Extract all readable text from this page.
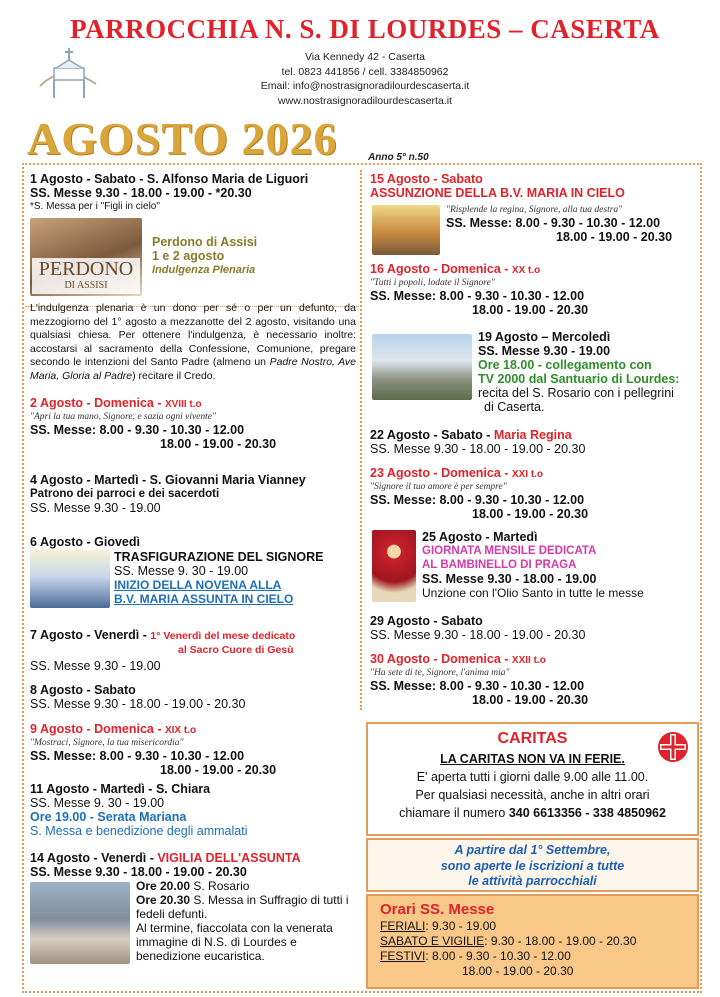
PARROCCHIA N. S. DI LOURDES – CASERTA
Via Kennedy 42 - Caserta
tel. 0823 441856 / cell. 3384850962
Email: info@nostrasignoradilourdescaserta.it
www.nostrasignoradilourdescaserta.it
AGOSTO 2026	Anno 5° n.50
1 Agosto - Sabato - S. Alfonso Maria de Liguori
SS. Messe 9.30 - 18.00 - 19.00 - *20.30
*S. Messa per i "Figli in cielo"
PERDONO
DI ASSISI
Perdono di Assisi
1 e 2 agosto
Indulgenza Plenaria
L'indulgenza plenaria è un dono per sé o per un defunto, da mezzogiorno del 1° agosto a mezzanotte del 2 agosto, visitando una qualsiasi chiesa. Per ottenere l'indulgenza, è necessario inoltre: accostarsi al sacramento della Confessione, Comunione, pregare secondo le intenzioni del Santo Padre (almeno un Padre Nostro, Ave Maria, Gloria al Padre) recitare il Credo.
2 Agosto - Domenica - XVIII t.o
"Apri la tua mano, Signore, e sazia ogni vivente"
SS. Messe: 8.00 - 9.30 - 10.30 - 12.00
18.00 - 19.00 - 20.30
4 Agosto - Martedì - S. Giovanni Maria Vianney
Patrono dei parroci e dei sacerdoti
SS. Messe 9.30 - 19.00
6 Agosto - Giovedì
TRASFIGURAZIONE DEL SIGNORE
SS. Messe 9. 30 - 19.00
INIZIO DELLA NOVENA ALLA
B.V. MARIA ASSUNTA IN CIELO
7 Agosto - Venerdì - 1° Venerdì del mese dedicato
al Sacro Cuore di Gesù
SS. Messe 9.30 - 19.00
8 Agosto - Sabato
SS. Messe 9.30 - 18.00 - 19.00 - 20.30
9 Agosto - Domenica - XIX t.o
"Mostraci, Signore, la tua misericordia"
SS. Messe: 8.00 - 9.30 - 10.30 - 12.00
18.00 - 19.00 - 20.30
11 Agosto - Martedì - S. Chiara
SS. Messe 9. 30 - 19.00
Ore 19.00 - Serata Mariana
S. Messa e benedizione degli ammalati
14 Agosto - Venerdì - VIGILIA DELL'ASSUNTA
SS. Messe 9.30 - 18.00 - 19.00 - 20.30
Ore 20.00 S. Rosario
Ore 20.30 S. Messa in Suffragio di tutti i fedeli defunti.
Al termine, fiaccolata con la venerata immagine di N.S. di Lourdes e benedizione eucaristica.
15 Agosto - Sabato
ASSUNZIONE DELLA B.V. MARIA IN CIELO
"Risplende la regina, Signore, alla tua destra"
SS. Messe: 8.00 - 9.30 - 10.30 - 12.00
18.00 - 19.00 - 20.30
16 Agosto - Domenica - XX t.o
"Tutti i popoli, lodate il Signore"
SS. Messe: 8.00 - 9.30 - 10.30 - 12.00
18.00 - 19.00 - 20.30
19 Agosto – Mercoledì
SS. Messe 9.30 - 19.00
Ore 18.00 - collegamento con
TV 2000 dal Santuario di Lourdes:
recita del S. Rosario con i pellegrini
di Caserta.
22 Agosto - Sabato - Maria Regina
SS. Messe 9.30 - 18.00 - 19.00 - 20.30
23 Agosto - Domenica - XXI t.o
"Signore il tuo amore è per sempre"
SS. Messe: 8.00 - 9.30 - 10.30 - 12.00
18.00 - 19.00 - 20.30
25 Agosto - Martedì
GIORNATA MENSILE DEDICATA
AL BAMBINELLO DI PRAGA
SS. Messe 9.30 - 18.00 - 19.00
Unzione con l'Olio Santo in tutte le messe
29 Agosto - Sabato
SS. Messe 9.30 - 18.00 - 19.00 - 20.30
30 Agosto - Domenica - XXII t.o
"Ha sete di te, Signore, l'anima mia"
SS. Messe: 8.00 - 9.30 - 10.30 - 12.00
18.00 - 19.00 - 20.30
CARITAS
LA CARITAS NON VA IN FERIE.
E' aperta tutti i giorni dalle 9.00 alle 11.00.
Per qualsiasi necessità, anche in altri orari
chiamare il numero 340 6613356 - 338 4850962
A partire dal 1° Settembre,
sono aperte le iscrizioni a tutte
le attività parrocchiali
Orari SS. Messe
FERIALI: 9.30 - 19.00
SABATO E VIGILIE: 9.30 - 18.00 - 19.00 - 20.30
FESTIVI: 8.00 - 9.30 - 10.30 - 12.00
18.00 - 19.00 - 20.30
